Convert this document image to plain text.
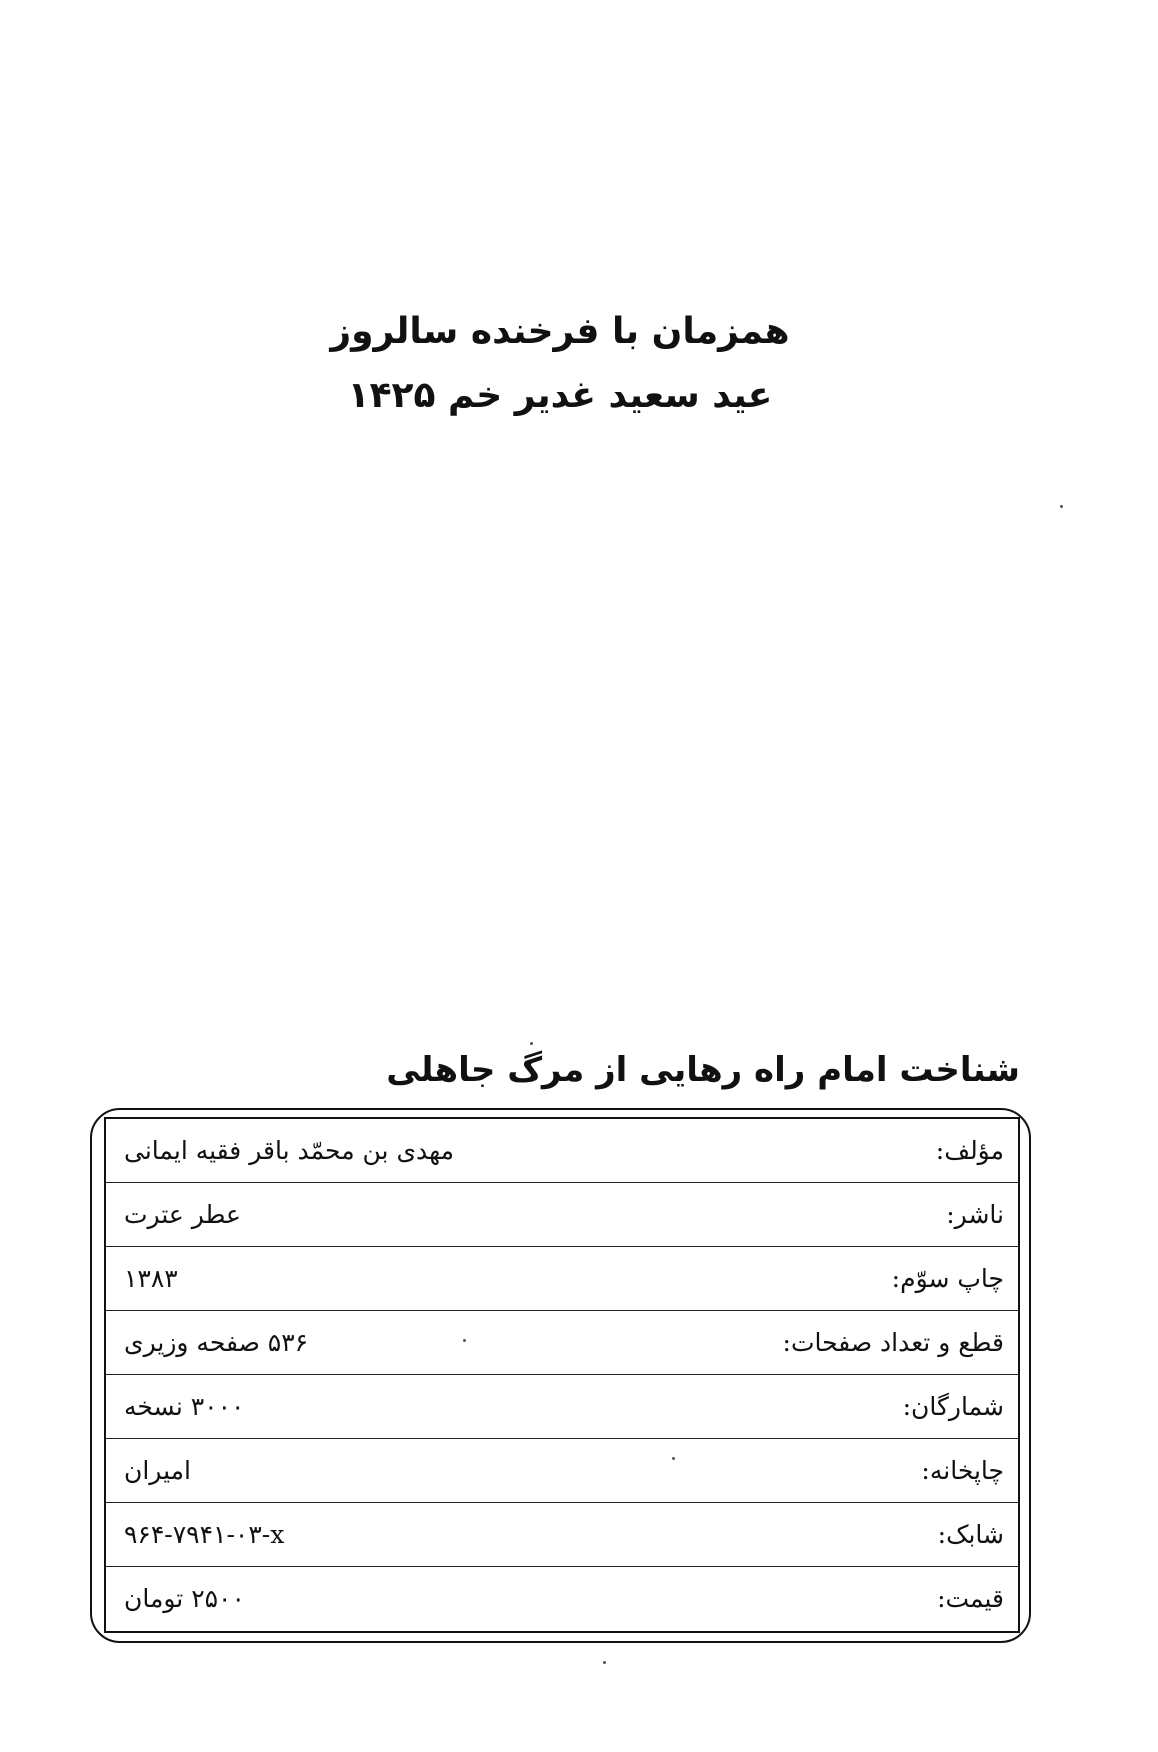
همزمان با فرخنده سالروز
عید سعید غدیر خم ۱۴۲۵
شناخت امام راه رهایی از مرگ جاهلی
مؤلف:
مهدی بن محمّد باقر فقیه ایمانی
ناشر:
عطر عترت
چاپ سوّم:
۱۳۸۳
قطع و تعداد صفحات:
۵۳۶ صفحه وزیری
شمارگان:
۳۰۰۰ نسخه
چاپخانه:
امیران
شابک:
۹۶۴-۷۹۴۱-۰۳-x
قیمت:
۲۵۰۰ تومان
